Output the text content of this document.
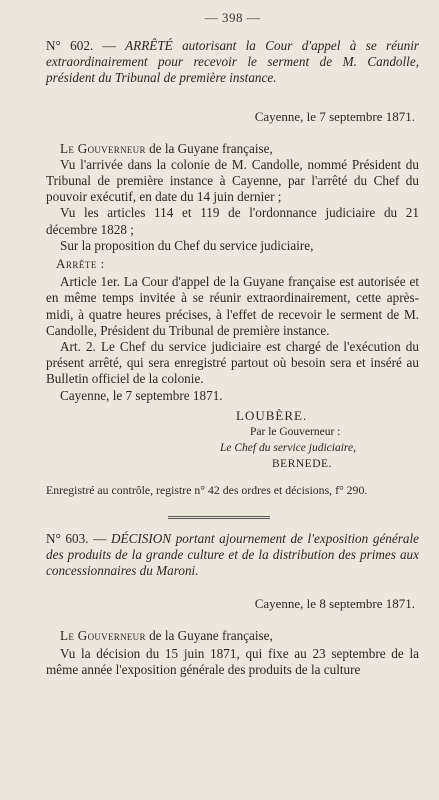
— 398 —

N° 602. — ARRÊTÉ autorisant la Cour d'appel à se réunir extraordinairement pour recevoir le serment de M. Candolle, président du Tribunal de première instance.

Cayenne, le 7 septembre 1871.

Le Gouverneur de la Guyane française,

Vu l'arrivée dans la colonie de M. Candolle, nommé Président du Tribunal de première instance à Cayenne, par l'arrêté du Chef du pouvoir exécutif, en date du 14 juin dernier ;

Vu les articles 114 et 119 de l'ordonnance judiciaire du 21 décembre 1828 ;

Sur la proposition du Chef du service judiciaire,

Arrête :

Article 1er. La Cour d'appel de la Guyane française est autorisée et en même temps invitée à se réunir extraordinairement, cette après-midi, à quatre heures précises, à l'effet de recevoir le serment de M. Candolle, Président du Tribunal de première instance.

Art. 2. Le Chef du service judiciaire est chargé de l'exécution du présent arrêté, qui sera enregistré partout où besoin sera et inséré au Bulletin officiel de la colonie.

Cayenne, le 7 septembre 1871.

LOUBÈRE.
Par le Gouverneur :
Le Chef du service judiciaire,
BERNEDE.

Enregistré au contrôle, registre n° 42 des ordres et décisions, f° 290.

N° 603. — DÉCISION portant ajournement de l'exposition générale des produits de la grande culture et de la distribution des primes aux concessionnaires du Maroni.

Cayenne, le 8 septembre 1871.

Le Gouverneur de la Guyane française,

Vu la décision du 15 juin 1871, qui fixe au 23 septembre de la même année l'exposition générale des produits de la culture
